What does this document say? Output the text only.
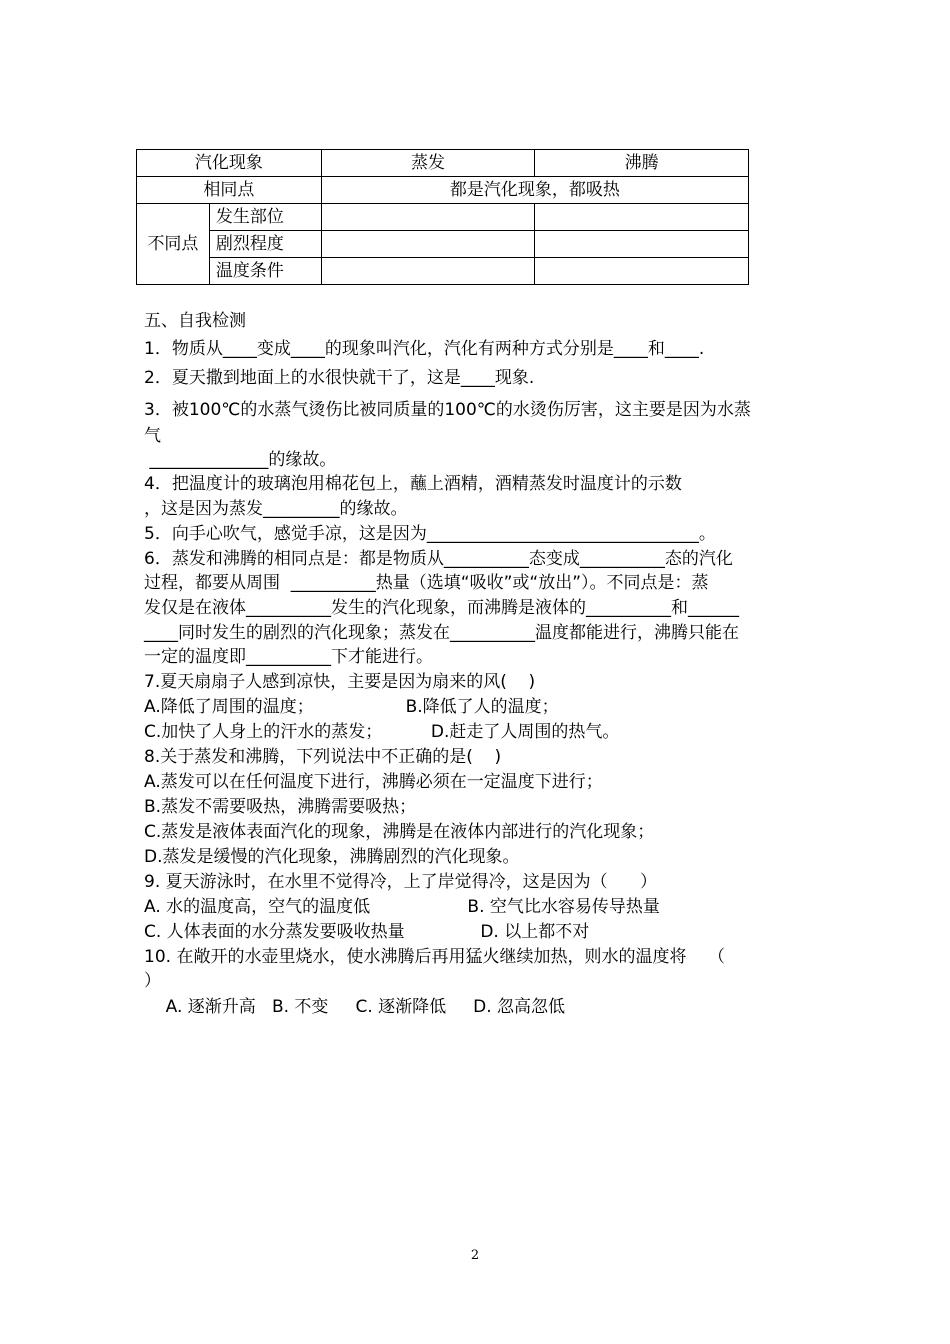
汽化现象		蒸发	沸腾
相同点		都是汽化现象，都吸热	
不同点	发生部位		
	剧烈程度		
	温度条件		
五、自我检测
1．物质从____变成____的现象叫汽化，汽化有两种方式分别是____和____.
2．夏天撒到地面上的水很快就干了，这是____现象.
3．被100℃的水蒸气烫伤比被同质量的100℃的水烫伤厉害，这主要是因为水蒸
气
______________的缘故。
4．把温度计的玻璃泡用棉花包上，蘸上酒精，酒精蒸发时温度计的示数
，这是因为蒸发_________的缘故。
5．向手心吹气，感觉手凉，这是因为________________________________。
6．蒸发和沸腾的相同点是：都是物质从__________态变成__________态的汽化
过程，都要从周围  __________热量（选填“吸收”或“放出”）。不同点是：蒸
发仅是在液体__________发生的汽化现象，而沸腾是液体的__________和______
____同时发生的剧烈的汽化现象；蒸发在__________温度都能进行，沸腾只能在
一定的温度即__________下才能进行。
7.夏天扇扇子人感到凉快，主要是因为扇来的风(    )
A.降低了周围的温度；                 B.降低了人的温度；
C.加快了人身上的汗水的蒸发；         D.赶走了人周围的热气。
8.关于蒸发和沸腾，下列说法中不正确的是(    )
A.蒸发可以在任何温度下进行，沸腾必须在一定温度下进行；
B.蒸发不需要吸热，沸腾需要吸热；
C.蒸发是液体表面汽化的现象，沸腾是在液体内部进行的汽化现象；
D.蒸发是缓慢的汽化现象，沸腾剧烈的汽化现象。
9. 夏天游泳时，在水里不觉得冷，上了岸觉得冷，这是因为（      ）
A. 水的温度高，空气的温度低                  B. 空气比水容易传导热量
C. 人体表面的水分蒸发要吸收热量              D. 以上都不对
10. 在敞开的水壶里烧水，使水沸腾后再用猛火继续加热，则水的温度将    （
）
A. 逐渐升高   B. 不变     C. 逐渐降低     D. 忽高忽低
2
